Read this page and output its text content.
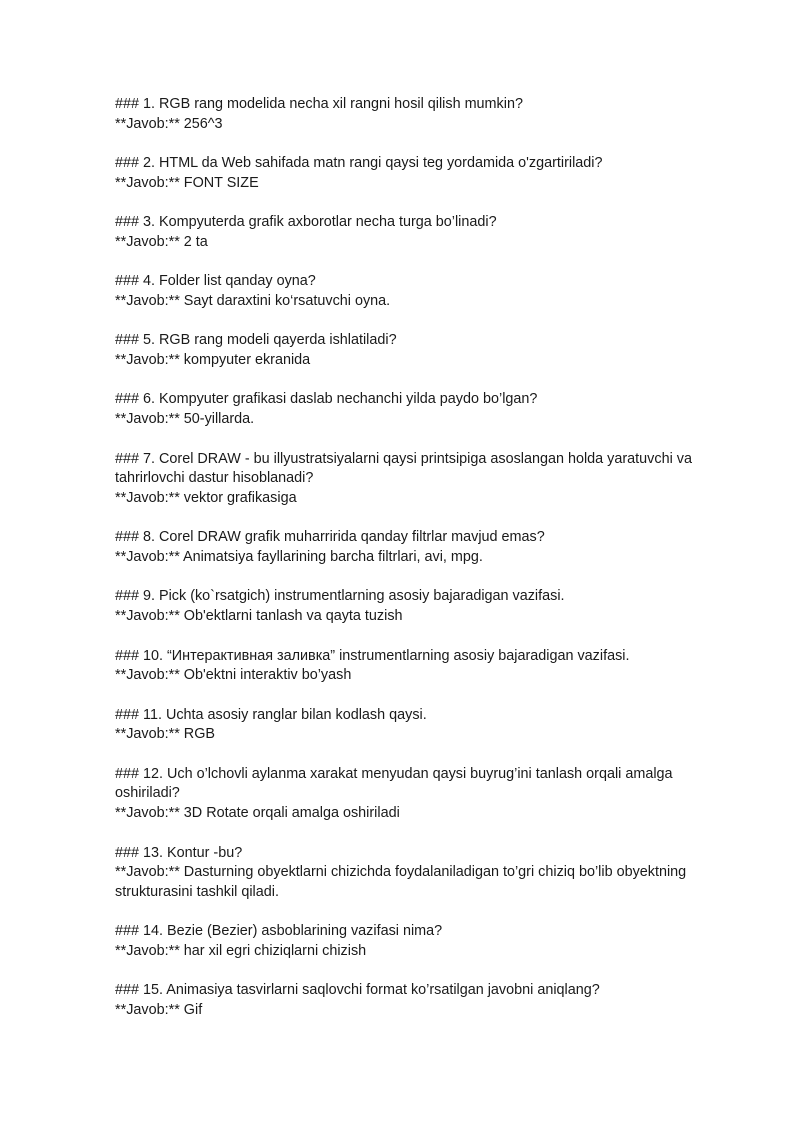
### 1. RGB rang modelida necha xil rangni hosil qilish mumkin?
**Javob:** 256^3
### 2. HTML da Web sahifada matn rangi qaysi teg yordamida o'zgartiriladi?
**Javob:** FONT SIZE
### 3. Kompyuterda grafik axborotlar necha turga bo’linadi?
**Javob:** 2 ta
### 4. Folder list qanday oyna?
**Javob:** Sayt daraxtini ko‘rsatuvchi oyna.
### 5. RGB rang modeli qayerda ishlatiladi?
**Javob:** kompyuter ekranida
### 6. Kompyuter grafikasi daslab nechanchi yilda paydo bo’lgan?
**Javob:** 50-yillarda.
### 7. Corel DRAW - bu illyustratsiyalarni qaysi printsipiga asoslangan holda yaratuvchi va tahrirlovchi dastur hisoblanadi?
**Javob:** vektor grafikasiga
### 8. Corel DRAW grafik muharririda qanday filtrlar mavjud emas?
**Javob:** Animatsiya fayllarining barcha filtrlari, avi, mpg.
### 9. Pick (ko`rsatgich) instrumentlarning asosiy bajaradigan vazifasi.
**Javob:** Ob'ektlarni tanlash va qayta tuzish
### 10. “Интерактивная заливка” instrumentlarning asosiy bajaradigan vazifasi.
**Javob:** Ob'ektni interaktiv bo’yash
### 11. Uchta asosiy ranglar bilan kodlash qaysi.
**Javob:** RGB
### 12. Uch o’lchovli aylanma xarakat menyudan qaysi buyrug’ini tanlash orqali amalga oshiriladi?
**Javob:** 3D Rotate orqali amalga oshiriladi
### 13. Kontur -bu?
**Javob:** Dasturning obyektlarni chizichda foydalaniladigan to’gri chiziq bo’lib obyektning strukturasini tashkil qiladi.
### 14. Bezie (Bezier) asboblarining vazifasi nima?
**Javob:** har xil egri chiziqlarni chizish
### 15. Animasiya tasvirlarni saqlovchi format ko’rsatilgan javobni aniqlang?
**Javob:** Gif
